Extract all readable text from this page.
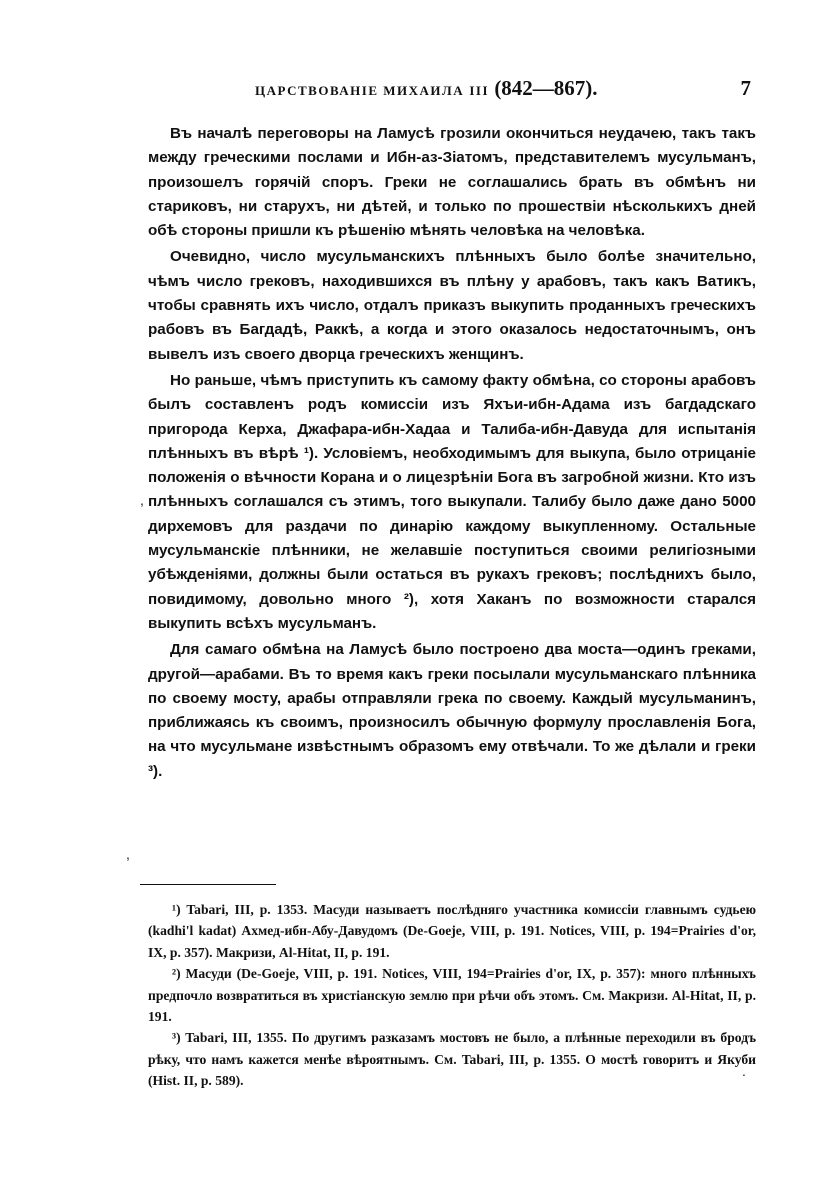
ЦАРСТВОВАНІЕ МИХАИЛА III (842—867).	7

Въ началѣ переговоры на Ламусѣ грозили окончиться неудачею, такъ такъ между греческими послами и Ибн-аз-Зіатомъ, представителемъ мусульманъ, произошелъ горячій споръ. Греки не соглашались брать въ обмѣнъ ни стариковъ, ни старухъ, ни дѣтей, и только по прошествіи нѣсколькихъ дней обѣ стороны пришли къ рѣшенію мѣнять человѣка на человѣка.

Очевидно, число мусульманскихъ плѣнныхъ было болѣе значительно, чѣмъ число грековъ, находившихся въ плѣну у арабовъ, такъ какъ Ватикъ, чтобы сравнять ихъ число, отдалъ приказъ выкупить проданныхъ греческихъ рабовъ въ Багдадѣ, Раккѣ, а когда и этого оказалось недостаточнымъ, онъ вывелъ изъ своего дворца греческихъ женщинъ.

Но раньше, чѣмъ приступить къ самому факту обмѣна, со стороны арабовъ былъ составленъ родъ комиссіи изъ Яхъи-ибн-Адама изъ багдадскаго пригорода Керха, Джафара-ибн-Хадаа и Талиба-ибн-Давуда для испытанія плѣнныхъ въ вѣрѣ ¹). Условіемъ, необходимымъ для выкупа, было отрицаніе положенія о вѣчности Корана и о лицезрѣніи Бога въ загробной жизни. Кто изъ плѣнныхъ соглашался съ этимъ, того выкупали. Талибу было даже дано 5000 дирхемовъ для раздачи по динарію каждому выкупленному. Остальные мусульманскіе плѣнники, не желавшіе поступиться своими религіозными убѣжденіями, должны были остаться въ рукахъ грековъ; послѣднихъ было, повидимому, довольно много ²), хотя Хаканъ по возможности старался выкупить всѣхъ мусульманъ.

Для самаго обмѣна на Ламусѣ было построено два моста—одинъ греками, другой—арабами. Въ то время какъ греки посылали мусульманскаго плѣнника по своему мосту, арабы отправляли грека по своему. Каждый мусульманинъ, приближаясь къ своимъ, произносилъ обычную формулу прославленія Бога, на что мусульмане извѣстнымъ образомъ ему отвѣчали. То же дѣлали и греки ³).

,
,
.

¹) Tabari, III, p. 1353. Масуди называетъ послѣдняго участника комиссіи главнымъ судьею (kadhi'l kadat) Ахмед-ибн-Абу-Давудомъ (De-Goeje, VIII, p. 191. Notices, VIII, p. 194=Prairies d'or, IX, p. 357). Макризи, Al-Hitat, II, p. 191.

²) Масуди (De-Goeje, VIII, p. 191. Notices, VIII, 194=Prairies d'or, IX, p. 357): много плѣнныхъ предпочло возвратиться въ христіанскую землю при рѣчи объ этомъ. См. Макризи. Al-Hitat, II, p. 191.

³) Tabari, III, 1355. По другимъ разказамъ мостовъ не было, а плѣнные переходили въ бродъ рѣку, что намъ кажется менѣе вѣроятнымъ. См. Tabari, III, p. 1355. О мостѣ говоритъ и Якуби (Hist. II, p. 589).
